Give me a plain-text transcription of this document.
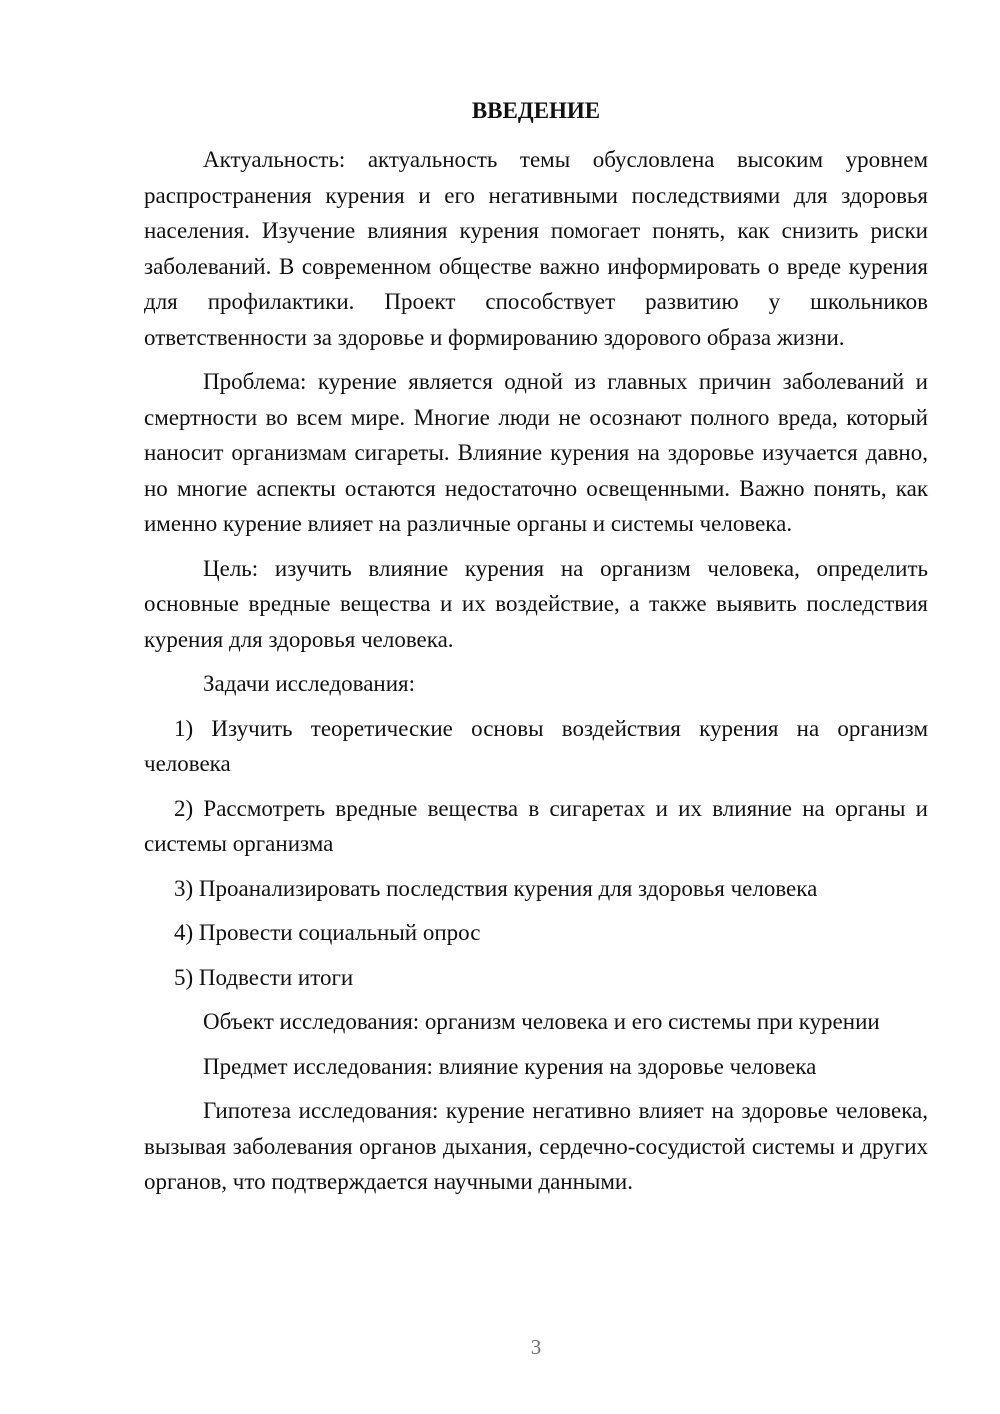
ВВЕДЕНИЕ

Актуальность: актуальность темы обусловлена высоким уровнем распространения курения и его негативными последствиями для здоровья населения. Изучение влияния курения помогает понять, как снизить риски заболеваний. В современном обществе важно информировать о вреде курения для профилактики. Проект способствует развитию у школьников ответственности за здоровье и формированию здорового образа жизни.

Проблема: курение является одной из главных причин заболеваний и смертности во всем мире. Многие люди не осознают полного вреда, который наносит организмам сигареты. Влияние курения на здоровье изучается давно, но многие аспекты остаются недостаточно освещенными. Важно понять, как именно курение влияет на различные органы и системы человека.

Цель: изучить влияние курения на организм человека, определить основные вредные вещества и их воздействие, а также выявить последствия курения для здоровья человека.

Задачи исследования:

1) Изучить теоретические основы воздействия курения на организм человека

2) Рассмотреть вредные вещества в сигаретах и их влияние на органы и системы организма

3) Проанализировать последствия курения для здоровья человека

4) Провести социальный опрос

5) Подвести итоги

Объект исследования: организм человека и его системы при курении

Предмет исследования: влияние курения на здоровье человека

Гипотеза исследования: курение негативно влияет на здоровье человека, вызывая заболевания органов дыхания, сердечно-сосудистой системы и других органов, что подтверждается научными данными.

3
